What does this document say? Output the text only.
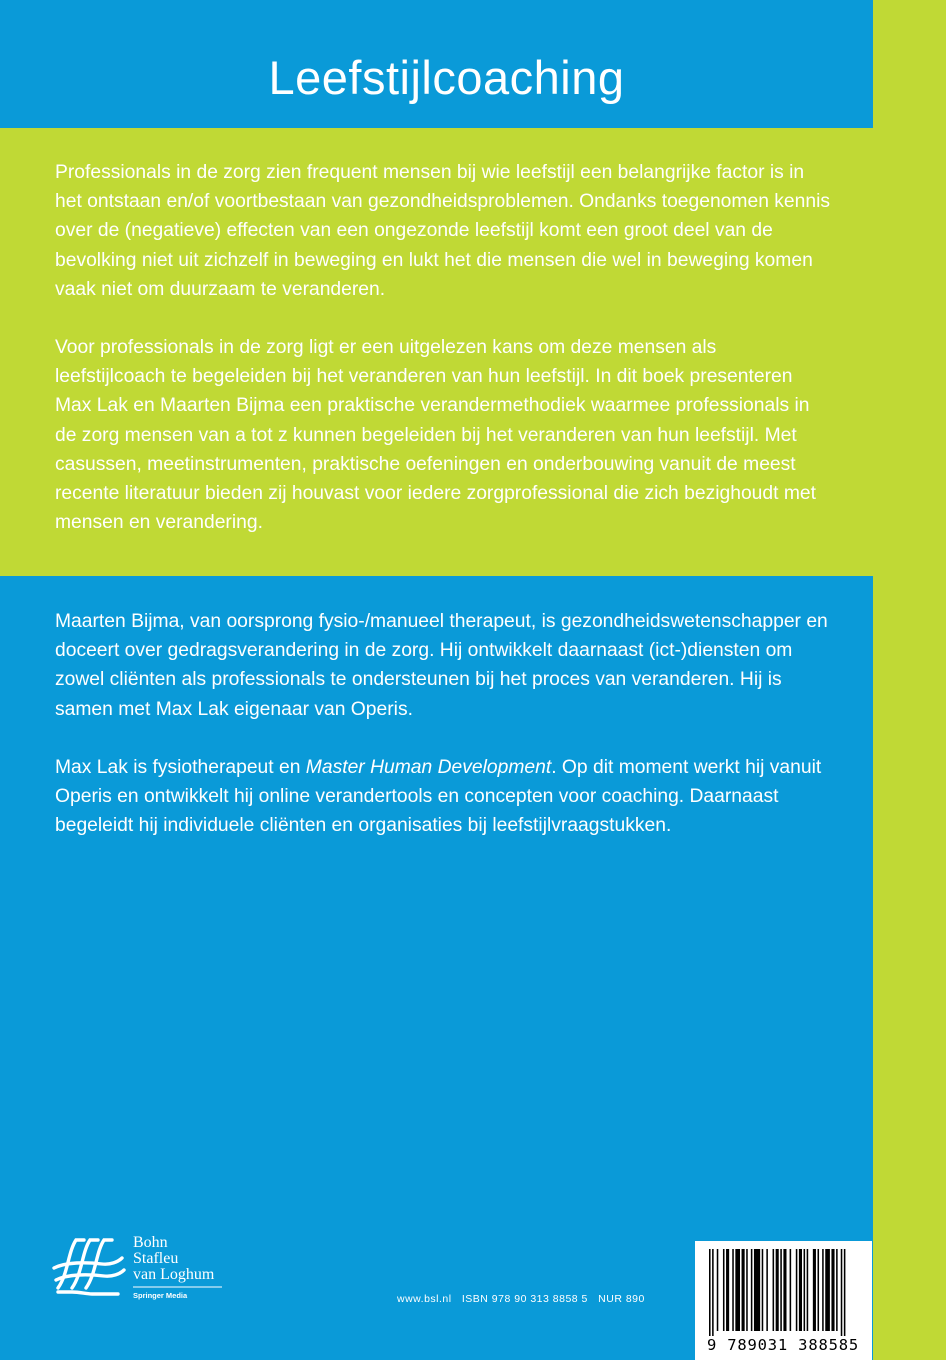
Leefstijlcoaching

Professionals in de zorg zien frequent mensen bij wie leefstijl een belangrijke factor is in het ontstaan en/of voortbestaan van gezondheidsproblemen. Ondanks toegenomen kennis over de (negatieve) effecten van een ongezonde leefstijl komt een groot deel van de bevolking niet uit zichzelf in beweging en lukt het die mensen die wel in beweging komen vaak niet om duurzaam te veranderen.

Voor professionals in de zorg ligt er een uitgelezen kans om deze mensen als leefstijlcoach te begeleiden bij het veranderen van hun leefstijl. In dit boek presenteren Max Lak en Maarten Bijma een praktische verandermethodiek waarmee professionals in de zorg mensen van a tot z kunnen begeleiden bij het veranderen van hun leefstijl. Met casussen, meetinstrumenten, praktische oefeningen en onderbouwing vanuit de meest recente literatuur bieden zij houvast voor iedere zorgprofessional die zich bezighoudt met mensen en verandering.

Maarten Bijma, van oorsprong fysio-/manueel therapeut, is gezondheidswetenschapper en doceert over gedragsverandering in de zorg. Hij ontwikkelt daarnaast (ict-)diensten om zowel cliënten als professionals te ondersteunen bij het proces van veranderen. Hij is samen met Max Lak eigenaar van Operis.

Max Lak is fysiotherapeut en Master Human Development. Op dit moment werkt hij vanuit Operis en ontwikkelt hij online verandertools en concepten voor coaching. Daarnaast begeleidt hij individuele cliënten en organisaties bij leefstijlvraagstukken.

Bohn
Stafleu
van Loghum
Springer Media	www.bsl.nl ISBN 978 90 313 8858 5 NUR 890
9 789031 388585
